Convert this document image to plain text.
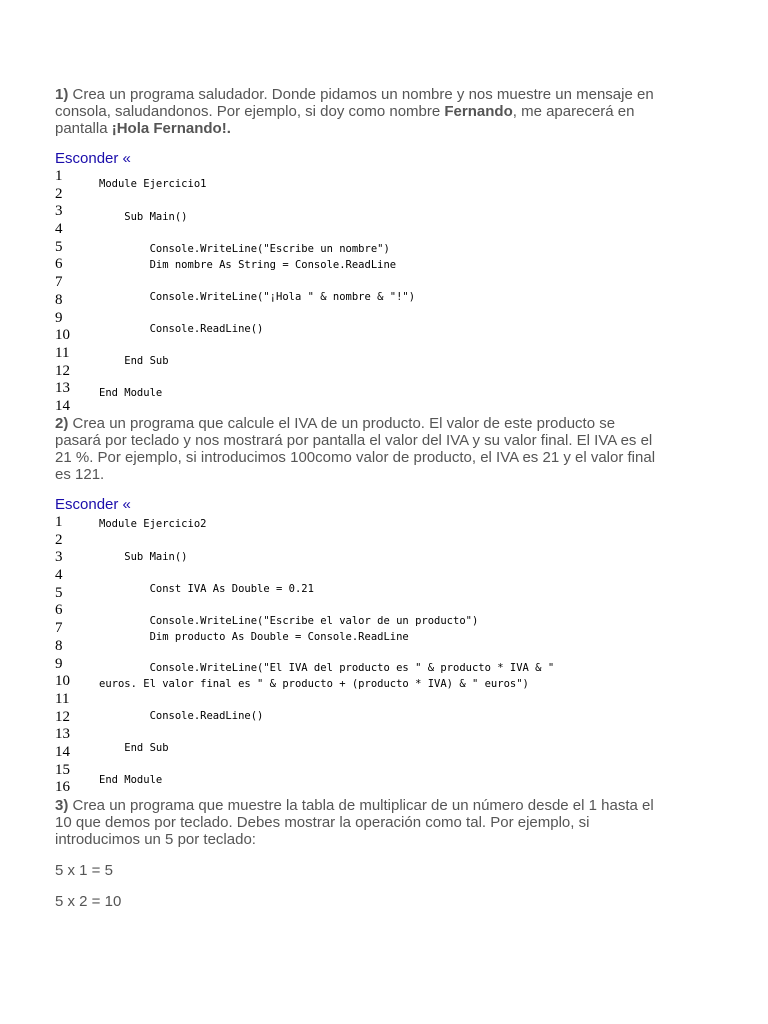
1) Crea un programa saludador. Donde pidamos un nombre y nos muestre un mensaje en consola, saludandonos. Por ejemplo, si doy como nombre Fernando, me aparecerá en pantalla ¡Hola Fernando!.
Esconder «
1
2
3
4
5
6
7
8
9
10
11
12
13
14
Module Ejercicio1
Sub Main()
Console.WriteLine("Escribe un nombre")
Dim nombre As String = Console.ReadLine
Console.WriteLine("¡Hola " & nombre & "!")
Console.ReadLine()
End Sub
End Module
2) Crea un programa que calcule el IVA de un producto. El valor de este producto se pasará por teclado y nos mostrará por pantalla el valor del IVA y su valor final. El IVA es el 21 %. Por ejemplo, si introducimos 100como valor de producto, el IVA es 21 y el valor final es 121.
Esconder «
1
2
3
4
5
6
7
8
9
10
11
12
13
14
15
16
Module Ejercicio2
Sub Main()
Const IVA As Double = 0.21
Console.WriteLine("Escribe el valor de un producto")
Dim producto As Double = Console.ReadLine
Console.WriteLine("El IVA del producto es " & producto * IVA & "
euros. El valor final es " & producto + (producto * IVA) & " euros")
Console.ReadLine()
End Sub
End Module
3) Crea un programa que muestre la tabla de multiplicar de un número desde el 1 hasta el 10 que demos por teclado. Debes mostrar la operación como tal. Por ejemplo, si introducimos un 5 por teclado:
5 x 1 = 5
5 x 2 = 10
